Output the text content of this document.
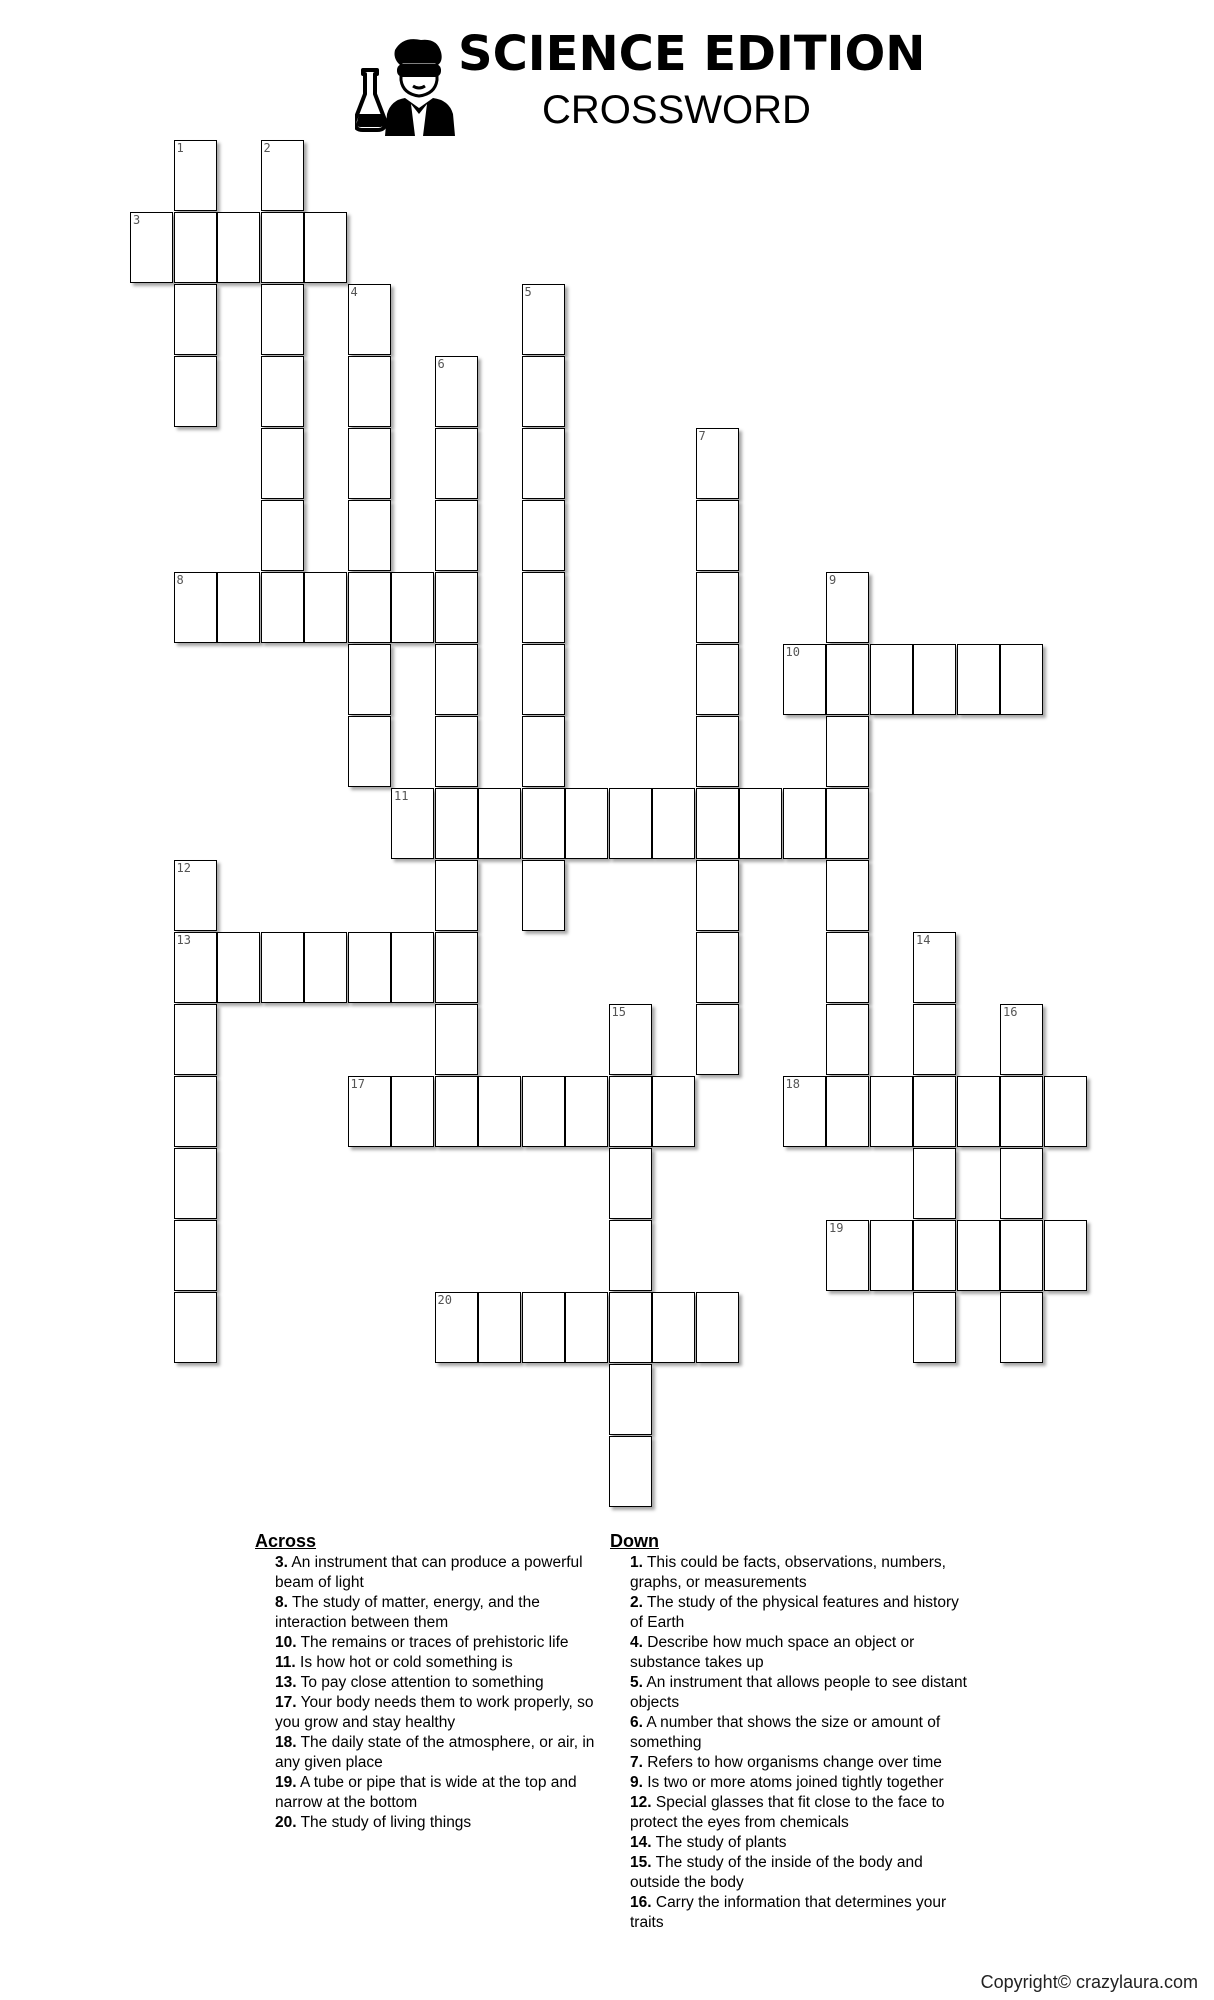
SCIENCE EDITION
CROSSWORD
1	2
3
4	5
6
7
8	9
10
11
12
13	14
15	16
17	18
19
20
Across
3. An instrument that can produce a powerful beam of light
8. The study of matter, energy, and the interaction between them
10. The remains or traces of prehistoric life
11. Is how hot or cold something is
13. To pay close attention to something
17. Your body needs them to work properly, so you grow and stay healthy
18. The daily state of the atmosphere, or air, in any given place
19. A tube or pipe that is wide at the top and narrow at the bottom
20. The study of living things
Down
1. This could be facts, observations, numbers, graphs, or measurements
2. The study of the physical features and history of Earth
4. Describe how much space an object or substance takes up
5. An instrument that allows people to see distant objects
6. A number that shows the size or amount of something
7. Refers to how organisms change over time
9. Is two or more atoms joined tightly together
12. Special glasses that fit close to the face to protect the eyes from chemicals
14. The study of plants
15. The study of the inside of the body and outside the body
16. Carry the information that determines your traits
Copyright© crazylaura.com
